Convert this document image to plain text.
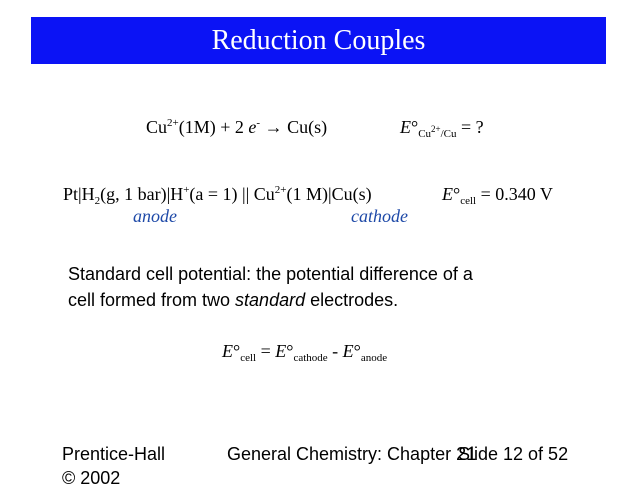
Reduction Couples
$Cu^{2+}(1M) + 2$ e- → Cu(s)	$E^\circ_{Cu^{2+}/Cu}$ = ?
$Pt|H_2(g$, 1 bar)|H+(a = 1) || $Cu^{2+}(1$ M)|Cu(s)	$E^\circ_{cell} = 0.340$ V
anode	cathode
Standard cell potential: the potential difference of a
cell formed from two standard electrodes.
$E^\circ_{cell} = E^\circ_{cathode} - E^\circ_{anode}$
Prentice-Hall
© 2002
General Chemistry: Chapter 21
Slide 12 of 52
